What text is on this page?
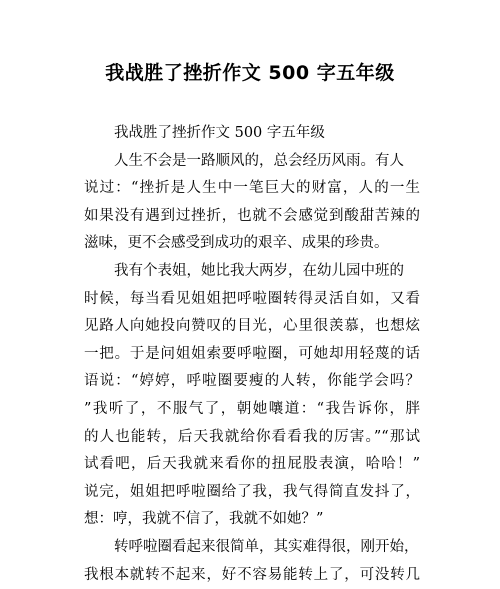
我战胜了挫折作文 500 字五年级
我战胜了挫折作文 500 字五年级
人生不会是一路顺风的，总会经历风雨。有人
说过：“挫折是人生中一笔巨大的财富，人的一生
如果没有遇到过挫折，也就不会感觉到酸甜苦辣的
滋味，更不会感受到成功的艰辛、成果的珍贵。
我有个表姐，她比我大两岁，在幼儿园中班的
时候，每当看见姐姐把呼啦圈转得灵活自如，又看
见路人向她投向赞叹的目光，心里很羡慕，也想炫
一把。于是问姐姐索要呼啦圈，可她却用轻蔑的话
语说：“婷婷，呼啦圈要瘦的人转，你能学会吗？
”我听了，不服气了，朝她嚷道：“我告诉你，胖
的人也能转，后天我就给你看看我的厉害。”“那试
试看吧，后天我就来看你的扭屁股表演，哈哈！”
说完，姐姐把呼啦圈给了我，我气得简直发抖了，
想：哼，我就不信了，我就不如她？”
转呼啦圈看起来很简单，其实难得很，刚开始，
我根本就转不起来，好不容易能转上了，可没转几
